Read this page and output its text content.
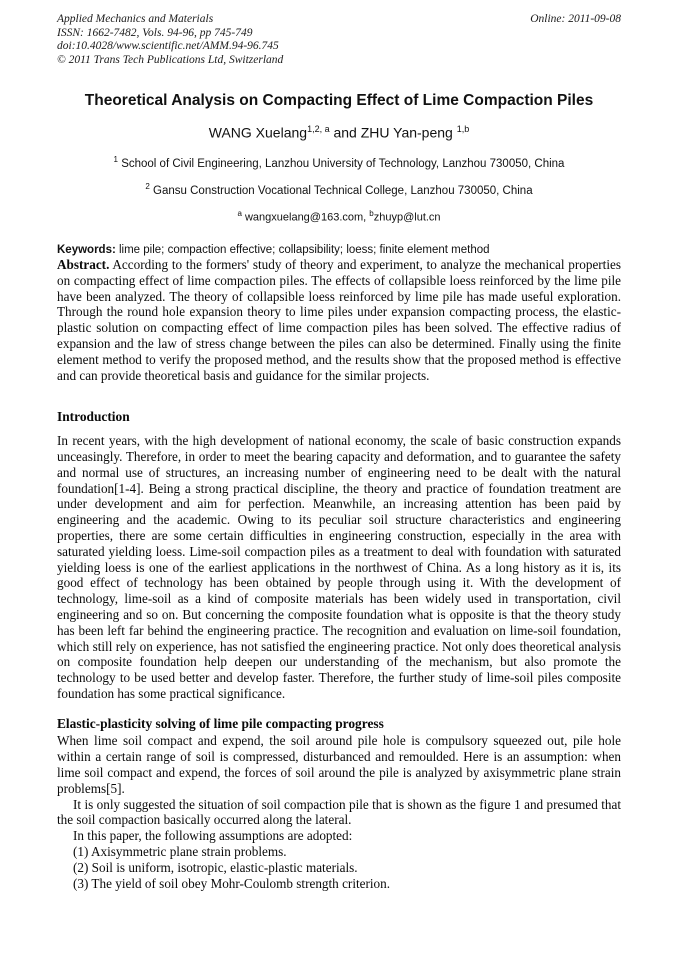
Applied Mechanics and Materials
ISSN: 1662-7482, Vols. 94-96, pp 745-749
doi:10.4028/www.scientific.net/AMM.94-96.745
© 2011 Trans Tech Publications Ltd, Switzerland
Online: 2011-09-08
Theoretical Analysis on Compacting Effect of Lime Compaction Piles
WANG Xuelang$^{1,2, a}$ and ZHU Yan-peng $^{1,b}$
$^1$ School of Civil Engineering, Lanzhou University of Technology, Lanzhou 730050, China
$^2$ Gansu Construction Vocational Technical College, Lanzhou 730050, China
$^a$ wangxuelang@163.com, $^b$zhuyp@lut.cn
Keywords: lime pile; compaction effective; collapsibility; loess; finite element method

Abstract. According to the formers' study of theory and experiment, to analyze the mechanical properties on compacting effect of lime compaction piles. The effects of collapsible loess reinforced by the lime pile have been analyzed. The theory of collapsible loess reinforced by lime pile has made useful exploration. Through the round hole expansion theory to lime piles under expansion compacting process, the elastic-plastic solution on compacting effect of lime compaction piles has been solved. The effective radius of expansion and the law of stress change between the piles can also be determined. Finally using the finite element method to verify the proposed method, and the results show that the proposed method is effective and can provide theoretical basis and guidance for the similar projects.

Introduction

In recent years, with the high development of national economy, the scale of basic construction expands unceasingly. Therefore, in order to meet the bearing capacity and deformation, and to guarantee the safety and normal use of structures, an increasing number of engineering need to be dealt with the natural foundation[1-4]. Being a strong practical discipline, the theory and practice of foundation treatment are under development and aim for perfection. Meanwhile, an increasing attention has been paid by engineering and the academic. Owing to its peculiar soil structure characteristics and engineering properties, there are some certain difficulties in engineering construction, especially in the area with saturated yielding loess. Lime-soil compaction piles as a treatment to deal with foundation with saturated yielding loess is one of the earliest applications in the northwest of China. As a long history as it is, its good effect of technology has been obtained by people through using it. With the development of technology, lime-soil as a kind of composite materials has been widely used in transportation, civil engineering and so on. But concerning the composite foundation what is opposite is that the theory study has been left far behind the engineering practice. The recognition and evaluation on lime-soil foundation, which still rely on experience, has not satisfied the engineering practice. Not only does theoretical analysis on composite foundation help deepen our understanding of the mechanism, but also promote the technology to be used better and develop faster. Therefore, the further study of lime-soil piles composite foundation has some practical significance.

Elastic-plasticity solving of lime pile compacting progress

When lime soil compact and expend, the soil around pile hole is compulsory squeezed out, pile hole within a certain range of soil is compressed, disturbanced and remoulded. Here is an assumption: when lime soil compact and expend, the forces of soil around the pile is analyzed by axisymmetric plane strain problems[5].

It is only suggested the situation of soil compaction pile that is shown as the figure 1 and presumed that the soil compaction basically occurred along the lateral.

In this paper, the following assumptions are adopted:

(1) Axisymmetric plane strain problems.
(2) Soil is uniform, isotropic, elastic-plastic materials.
(3) The yield of soil obey Mohr-Coulomb strength criterion.
